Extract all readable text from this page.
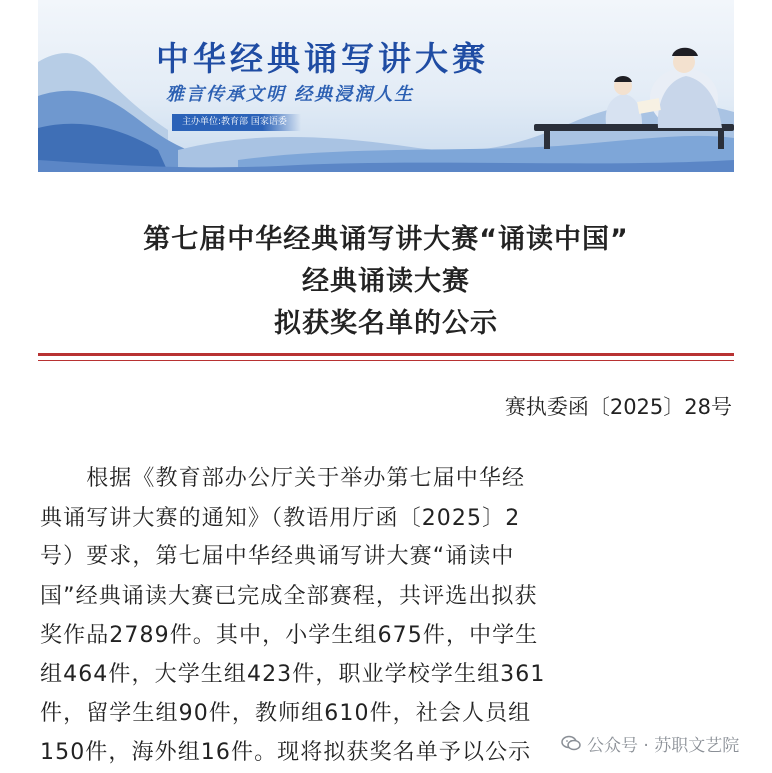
中华经典诵写讲大赛
雅言传承文明 经典浸润人生
主办单位:教育部 国家语委
第七届中华经典诵写讲大赛“诵读中国”
经典诵读大赛
拟获奖名单的公示
赛执委函〔2025〕28号
　　根据《教育部办公厅关于举办第七届中华经
典诵写讲大赛的通知》（教语用厅函〔2025〕2
号）要求，第七届中华经典诵写讲大赛“诵读中
国”经典诵读大赛已完成全部赛程，共评选出拟获
奖作品2789件。其中，小学生组675件，中学生
组464件，大学生组423件，职业学校学生组361
件，留学生组90件，教师组610件，社会人员组
150件，海外组16件。现将拟获奖名单予以公示	公众号 · 苏职文艺院
